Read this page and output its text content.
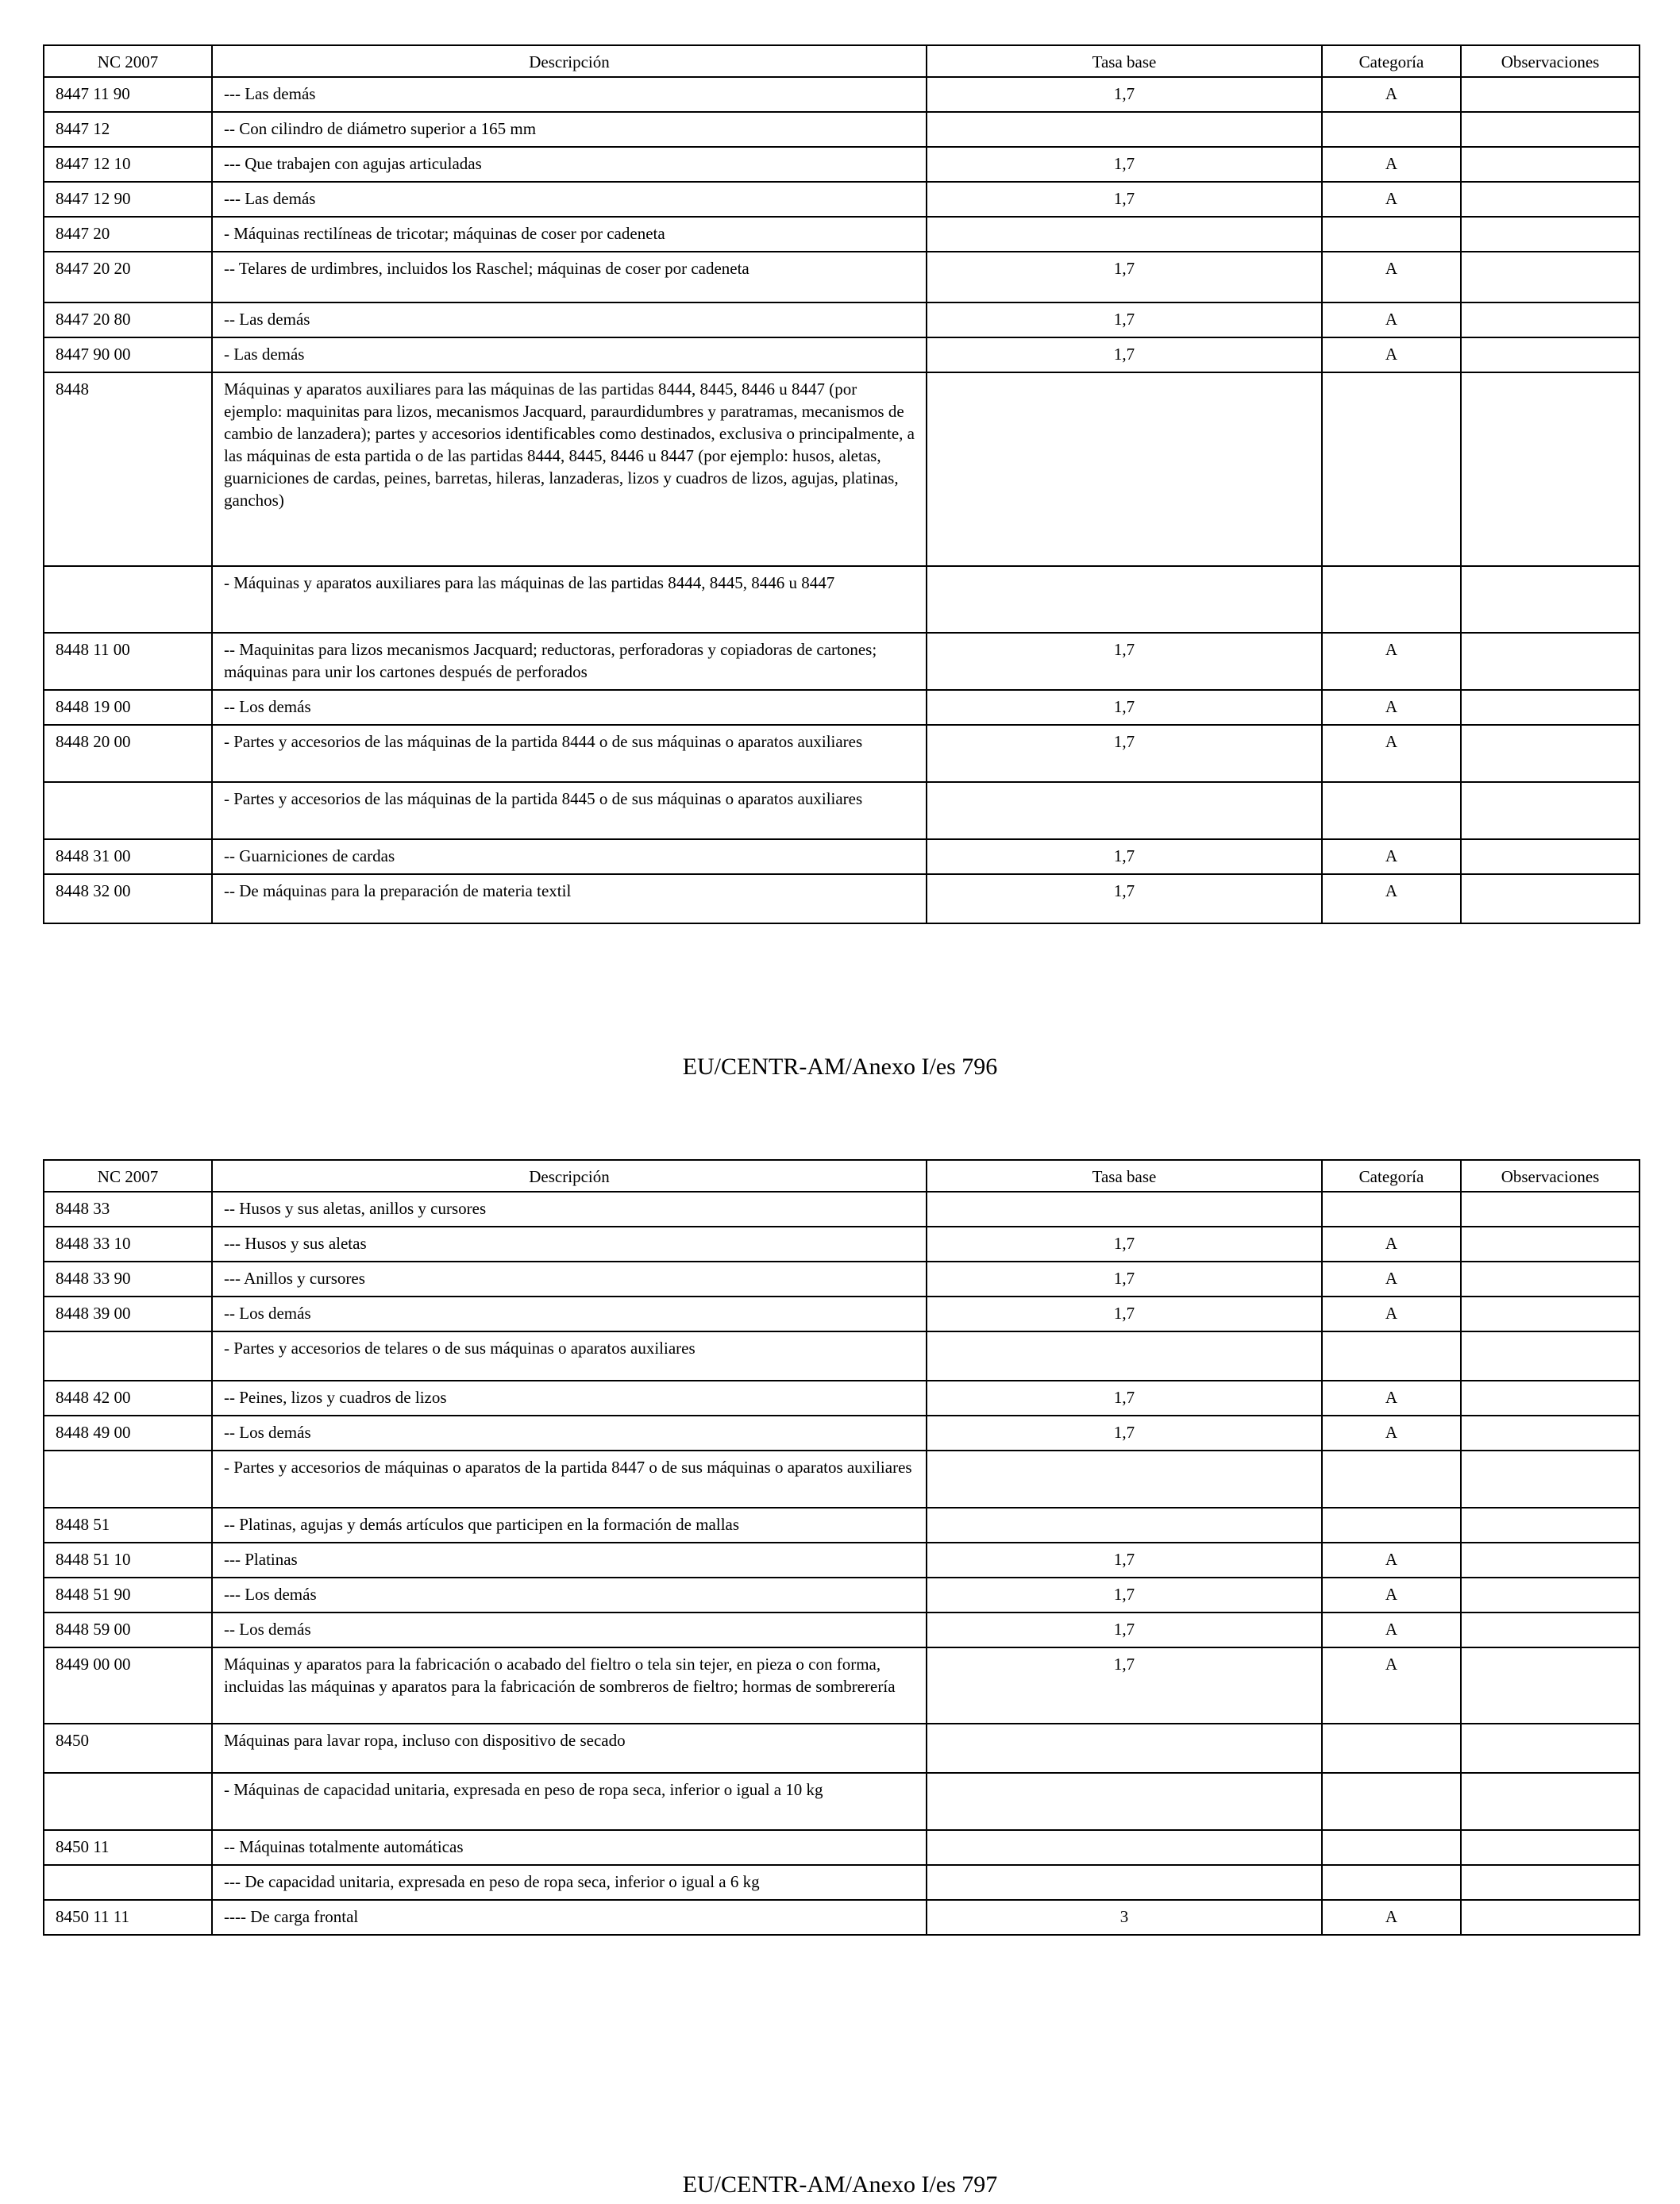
NC 2007	Descripción	Tasa base	Categoría	Observaciones
8447 11 90	--- Las demás	1,7	A	
8447 12	-- Con cilindro de diámetro superior a 165 mm			
8447 12 10	--- Que trabajen con agujas articuladas	1,7	A	
8447 12 90	--- Las demás	1,7	A	
8447 20	- Máquinas rectilíneas de tricotar; máquinas de coser por cadeneta			
8447 20 20	-- Telares de urdimbres, incluidos los Raschel; máquinas de coser por cadeneta	1,7	A	
8447 20 80	-- Las demás	1,7	A	
8447 90 00	- Las demás	1,7	A	
8448	Máquinas y aparatos auxiliares para las máquinas de las partidas 8444, 8445, 8446 u 8447 (por ejemplo: maquinitas para lizos, mecanismos Jacquard, paraurdidumbres y paratramas, mecanismos de cambio de lanzadera); partes y accesorios identificables como destinados, exclusiva o principalmente, a las máquinas de esta partida o de las partidas 8444, 8445, 8446 u 8447 (por ejemplo: husos, aletas, guarniciones de cardas, peines, barretas, hileras, lanzaderas, lizos y cuadros de lizos, agujas, platinas, ganchos)			
	- Máquinas y aparatos auxiliares para las máquinas de las partidas 8444, 8445, 8446 u 8447			
8448 11 00	-- Maquinitas para lizos mecanismos Jacquard; reductoras, perforadoras y copiadoras de cartones; máquinas para unir los cartones después de perforados	1,7	A	
8448 19 00	-- Los demás	1,7	A	
8448 20 00	- Partes y accesorios de las máquinas de la partida 8444 o de sus máquinas o aparatos auxiliares	1,7	A	
	- Partes y accesorios de las máquinas de la partida 8445 o de sus máquinas o aparatos auxiliares			
8448 31 00	-- Guarniciones de cardas	1,7	A	
8448 32 00	-- De máquinas para la preparación de materia textil	1,7	A	
EU/CENTR-AM/Anexo I/es 796
NC 2007	Descripción	Tasa base	Categoría	Observaciones
8448 33	-- Husos y sus aletas, anillos y cursores			
8448 33 10	--- Husos y sus aletas	1,7	A	
8448 33 90	--- Anillos y cursores	1,7	A	
8448 39 00	-- Los demás	1,7	A	
	- Partes y accesorios de telares o de sus máquinas o aparatos auxiliares			
8448 42 00	-- Peines, lizos y cuadros de lizos	1,7	A	
8448 49 00	-- Los demás	1,7	A	
	- Partes y accesorios de máquinas o aparatos de la partida 8447 o de sus máquinas o aparatos auxiliares			
8448 51	-- Platinas, agujas y demás artículos que participen en la formación de mallas			
8448 51 10	--- Platinas	1,7	A	
8448 51 90	--- Los demás	1,7	A	
8448 59 00	-- Los demás	1,7	A	
8449 00 00	Máquinas y aparatos para la fabricación o acabado del fieltro o tela sin tejer, en pieza o con forma, incluidas las máquinas y aparatos para la fabricación de sombreros de fieltro; hormas de sombrerería	1,7	A	
8450	Máquinas para lavar ropa, incluso con dispositivo de secado			
	- Máquinas de capacidad unitaria, expresada en peso de ropa seca, inferior o igual a 10 kg			
8450 11	-- Máquinas totalmente automáticas			
	--- De capacidad unitaria, expresada en peso de ropa seca, inferior o igual a 6 kg			
8450 11 11	---- De carga frontal	3	A	
EU/CENTR-AM/Anexo I/es 797
